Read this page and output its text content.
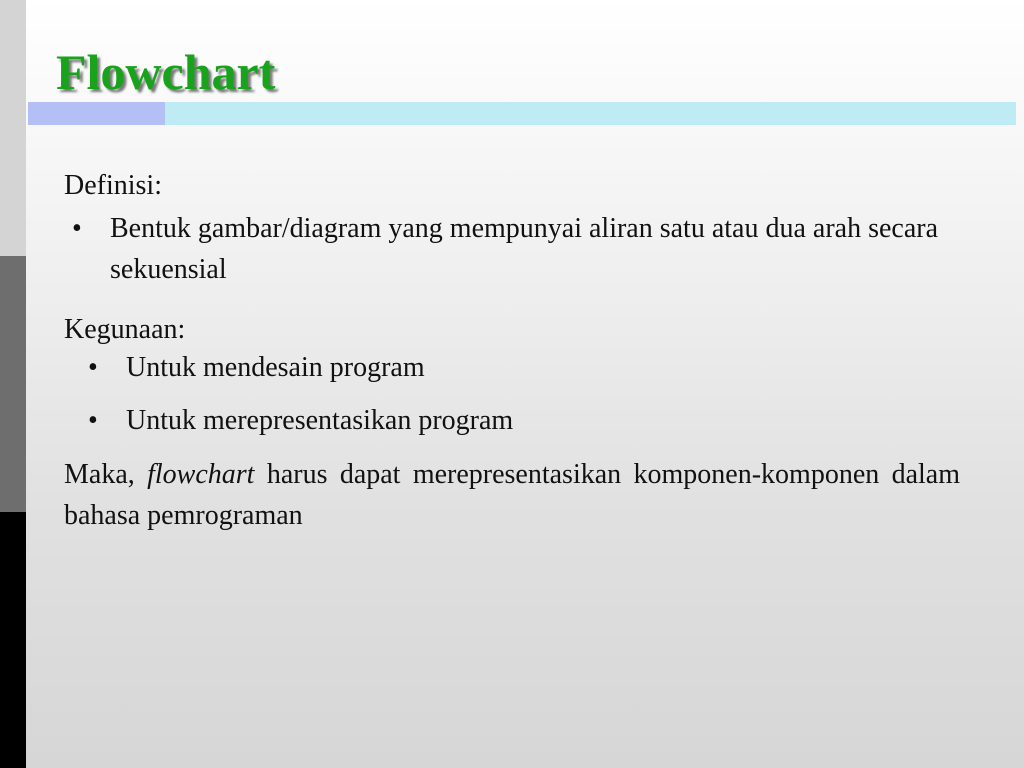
Flowchart

Definisi:

• Bentuk gambar/diagram yang mempunyai aliran satu atau dua arah secara sekuensial

Kegunaan:

• Untuk mendesain program
• Untuk merepresentasikan program

Maka, flowchart harus dapat merepresentasikan komponen-komponen dalam bahasa pemrograman
